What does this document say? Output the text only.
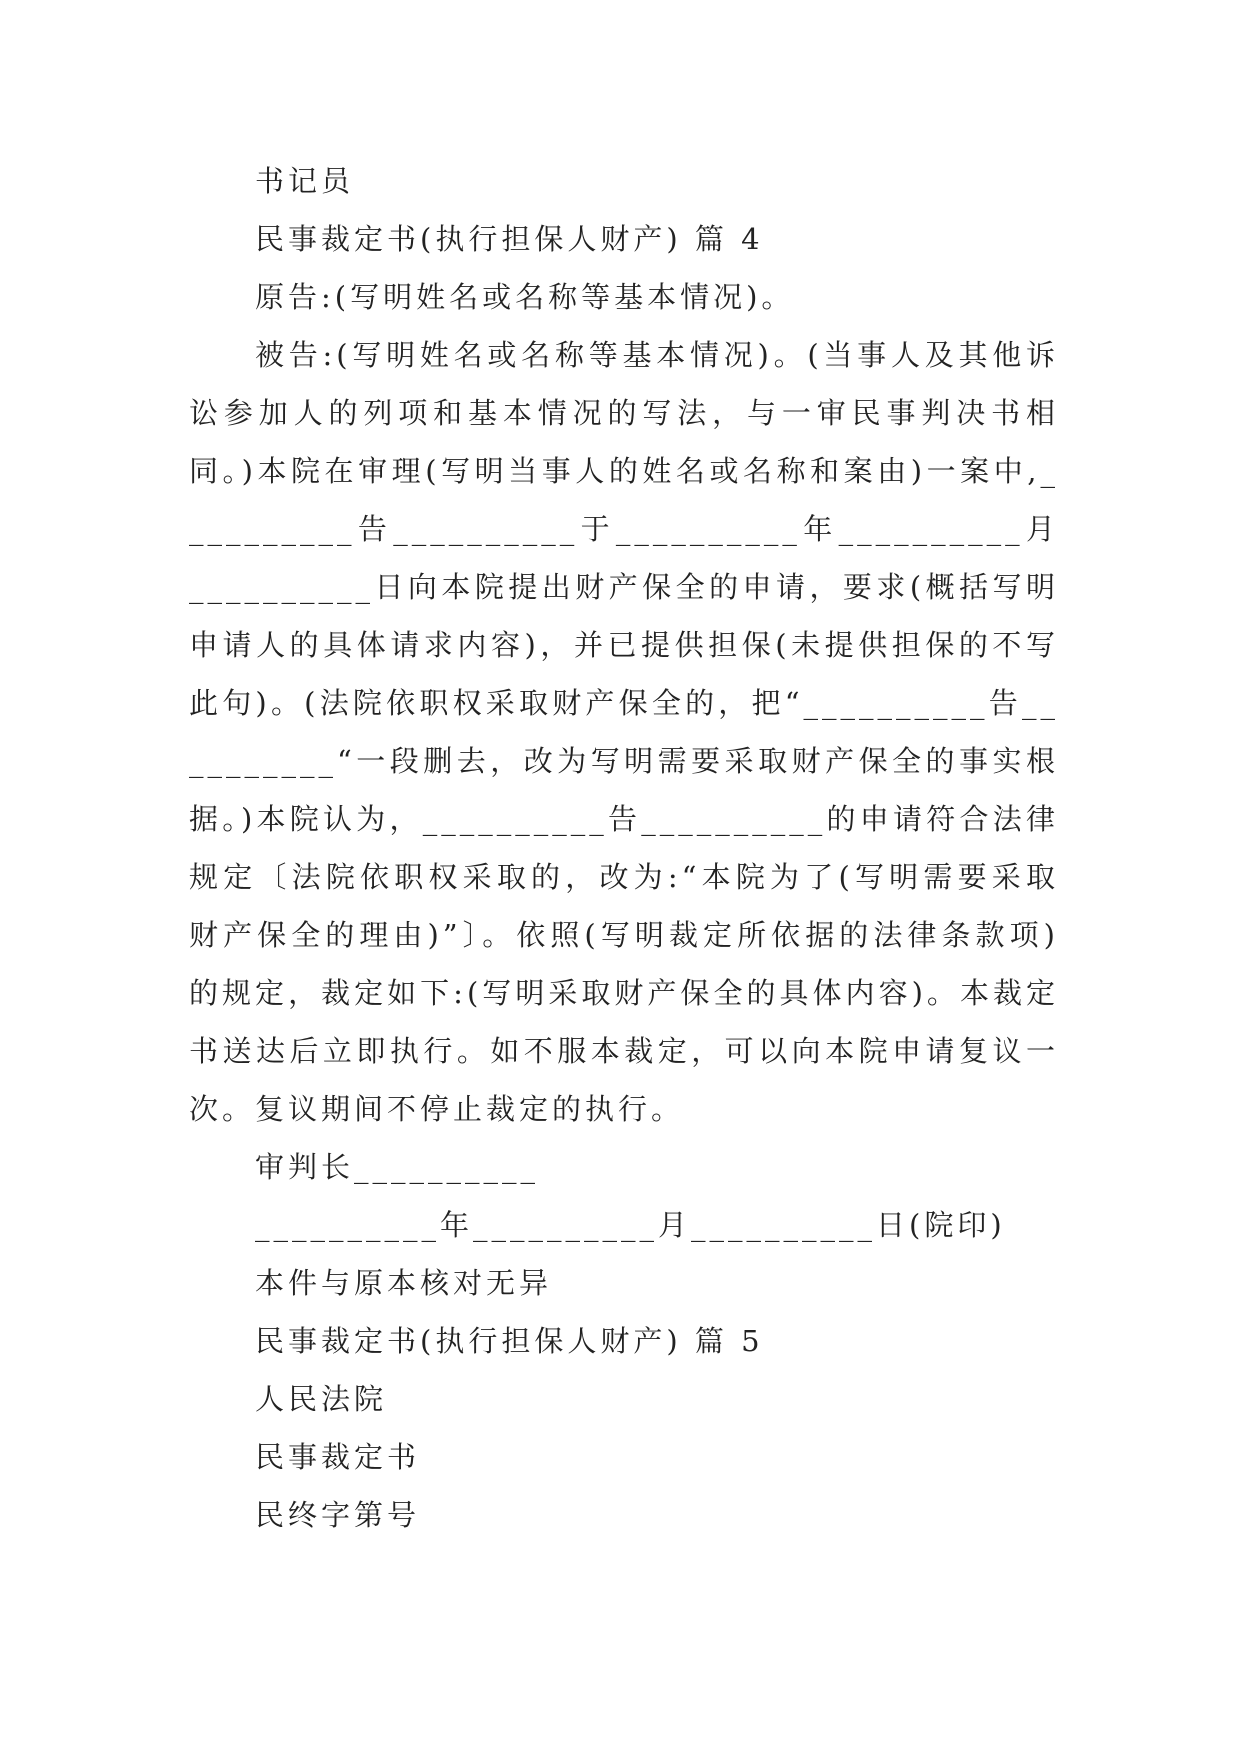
书记员

民事裁定书(执行担保人财产) 篇 4

原告:(写明姓名或名称等基本情况)。

被告:(写明姓名或名称等基本情况)。(当事人及其他诉讼参加人的列项和基本情况的写法，与一审民事判决书相同。)本院在审理(写明当事人的姓名或名称和案由)一案中,__________告__________于__________年__________月__________日向本院提出财产保全的申请，要求(概括写明申请人的具体请求内容)，并已提供担保(未提供担保的不写此句)。(法院依职权采取财产保全的，把“__________告__________“一段删去，改为写明需要采取财产保全的事实根据。)本院认为，__________告__________的申请符合法律规定〔法院依职权采取的，改为:“本院为了(写明需要采取财产保全的理由)”〕。依照(写明裁定所依据的法律条款项)的规定，裁定如下:(写明采取财产保全的具体内容)。本裁定书送达后立即执行。如不服本裁定，可以向本院申请复议一次。复议期间不停止裁定的执行。

审判长__________

__________年__________月__________日(院印)

本件与原本核对无异

民事裁定书(执行担保人财产) 篇 5

人民法院

民事裁定书

民终字第号
